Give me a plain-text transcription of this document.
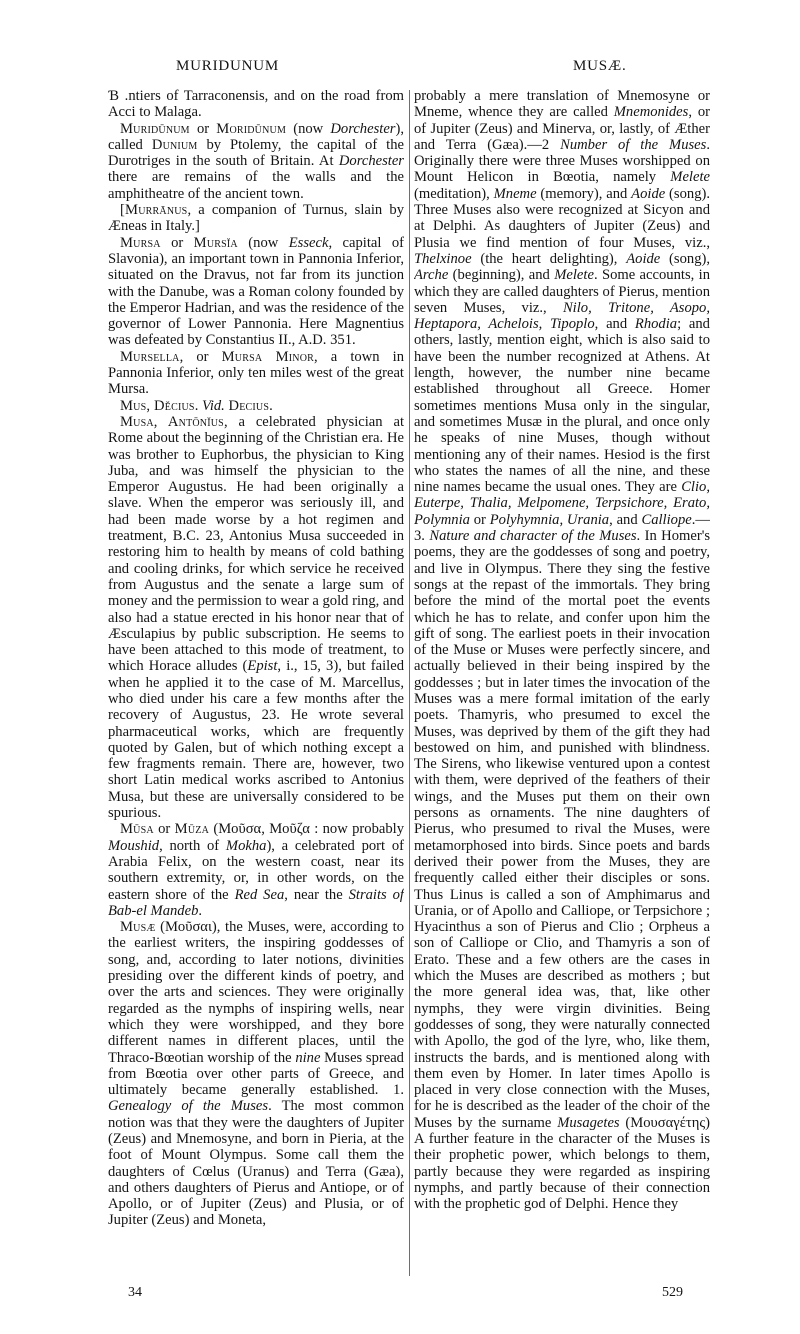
MURIDUNUM	MUSÆ.

Ɓ .ntiers of Tarraconensis, and on the road from Acci to Malaga.

Muridūnum or Moridūnum (now Dorchester), called Dunium by Ptolemy, the capital of the Durotriges in the south of Britain. At Dorchester there are remains of the walls and the amphitheatre of the ancient town.

[Murrānus, a companion of Turnus, slain by Æneas in Italy.]

Mursa or Mursĭa (now Esseck, capital of Slavonia), an important town in Pannonia Inferior, situated on the Dravus, not far from its junction with the Danube, was a Roman colony founded by the Emperor Hadrian, and was the residence of the governor of Lower Pannonia. Here Magnentius was defeated by Constantius II., A.D. 351.

Mursella, or Mursa Minor, a town in Pannonia Inferior, only ten miles west of the great Mursa.

Mus, Dĕcius. Vid. Decius.

Musa, Antōnĭus, a celebrated physician at Rome about the beginning of the Christian era. He was brother to Euphorbus, the physician to King Juba, and was himself the physician to the Emperor Augustus. He had been originally a slave. When the emperor was seriously ill, and had been made worse by a hot regimen and treatment, B.C. 23, Antonius Musa succeeded in restoring him to health by means of cold bathing and cooling drinks, for which service he received from Augustus and the senate a large sum of money and the permission to wear a gold ring, and also had a statue erected in his honor near that of Æsculapius by public subscription. He seems to have been attached to this mode of treatment, to which Horace alludes (Epist, i., 15, 3), but failed when he applied it to the case of M. Marcellus, who died under his care a few months after the recovery of Augustus, 23. He wrote several pharmaceutical works, which are frequently quoted by Galen, but of which nothing except a few fragments remain. There are, however, two short Latin medical works ascribed to Antonius Musa, but these are universally considered to be spurious.

Mūsa or Mūza (Μοῦσα, Μοῦζα : now probably Moushid, north of Mokha), a celebrated port of Arabia Felix, on the western coast, near its southern extremity, or, in other words, on the eastern shore of the Red Sea, near the Straits of Bab-el Mandeb.

Musæ (Μοῦσαι), the Muses, were, according to the earliest writers, the inspiring goddesses of song, and, according to later notions, divinities presiding over the different kinds of poetry, and over the arts and sciences. They were originally regarded as the nymphs of inspiring wells, near which they were worshipped, and they bore different names in different places, until the Thraco-Bœotian worship of the nine Muses spread from Bœotia over other parts of Greece, and ultimately became generally established. 1. Genealogy of the Muses. The most common notion was that they were the daughters of Jupiter (Zeus) and Mnemosyne, and born in Pieria, at the foot of Mount Olympus. Some call them the daughters of Cœlus (Uranus) and Terra (Gæa), and others daughters of Pierus and Antiope, or of Apollo, or of Jupiter (Zeus) and Plusia, or of Jupiter (Zeus) and Moneta,

probably a mere translation of Mnemosyne or Mneme, whence they are called Mnemonides, or of Jupiter (Zeus) and Minerva, or, lastly, of Æther and Terra (Gæa).—2 Number of the Muses. Originally there were three Muses worshipped on Mount Helicon in Bœotia, namely Melete (meditation), Mneme (memory), and Aoide (song). Three Muses also were recognized at Sicyon and at Delphi. As daughters of Jupiter (Zeus) and Plusia we find mention of four Muses, viz., Thelxinoe (the heart delighting), Aoide (song), Arche (beginning), and Melete. Some accounts, in which they are called daughters of Pierus, mention seven Muses, viz., Nilo, Tritone, Asopo, Heptapora, Achelois, Tipoplo, and Rhodia; and others, lastly, mention eight, which is also said to have been the number recognized at Athens. At length, however, the number nine became established throughout all Greece. Homer sometimes mentions Musa only in the singular, and sometimes Musæ in the plural, and once only he speaks of nine Muses, though without mentioning any of their names. Hesiod is the first who states the names of all the nine, and these nine names became the usual ones. They are Clio, Euterpe, Thalia, Melpomene, Terpsichore, Erato, Polymnia or Polyhymnia, Urania, and Calliope.—3. Nature and character of the Muses. In Homer's poems, they are the goddesses of song and poetry, and live in Olympus. There they sing the festive songs at the repast of the immortals. They bring before the mind of the mortal poet the events which he has to relate, and confer upon him the gift of song. The earliest poets in their invocation of the Muse or Muses were perfectly sincere, and actually believed in their being inspired by the goddesses ; but in later times the invocation of the Muses was a mere formal imitation of the early poets. Thamyris, who presumed to excel the Muses, was deprived by them of the gift they had bestowed on him, and punished with blindness. The Sirens, who likewise ventured upon a contest with them, were deprived of the feathers of their wings, and the Muses put them on their own persons as ornaments. The nine daughters of Pierus, who presumed to rival the Muses, were metamorphosed into birds. Since poets and bards derived their power from the Muses, they are frequently called either their disciples or sons. Thus Linus is called a son of Amphimarus and Urania, or of Apollo and Calliope, or Terpsichore ; Hyacinthus a son of Pierus and Clio ; Orpheus a son of Calliope or Clio, and Thamyris a son of Erato. These and a few others are the cases in which the Muses are described as mothers ; but the more general idea was, that, like other nymphs, they were virgin divinities. Being goddesses of song, they were naturally connected with Apollo, the god of the lyre, who, like them, instructs the bards, and is mentioned along with them even by Homer. In later times Apollo is placed in very close connection with the Muses, for he is described as the leader of the choir of the Muses by the surname Musagetes (Μουσαγέτης) A further feature in the character of the Muses is their prophetic power, which belongs to them, partly because they were regarded as inspiring nymphs, and partly because of their connection with the prophetic god of Delphi. Hence they

34	529
